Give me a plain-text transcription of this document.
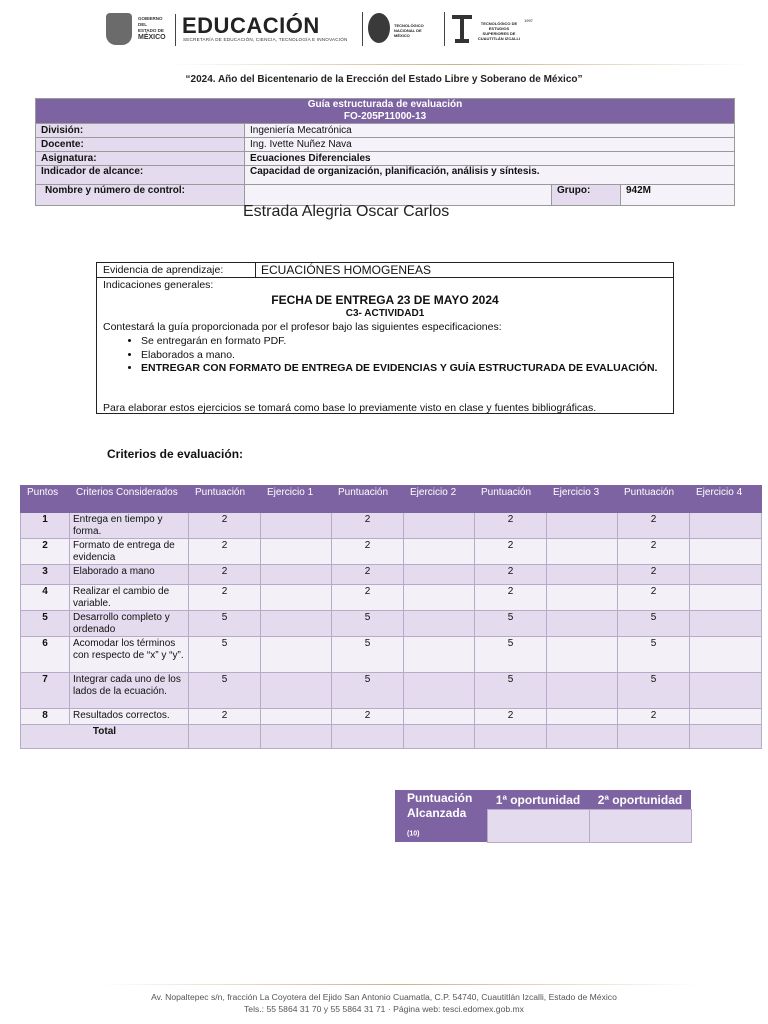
GOBIERNO DEL
ESTADO DE
MÉXICO EDUCACIÓN
SECRETARÍA DE EDUCACIÓN, CIENCIA, TECNOLOGÍA E INNOVACIÓN
TECNOLÓGICO NACIONAL DE MÉXICO
TECNOLÓGICO DE ESTUDIOS SUPERIORES DE CUAUTITLÁN IZCALLI
1997
“2024. Año del Bicentenario de la Erección del Estado Libre y Soberano de México”
Guía estructurada de evaluación
FO-205P11000-13			

División:	Ingeniería Mecatrónica		
Docente:	Ing. Ivette Nuñez Nava		
Asignatura:	Ecuaciones Diferenciales		
Indicador de alcance:	Capacidad de organización, planificación, análisis y síntesis.		
Nombre y número de control:		Grupo:	942M
Estrada Alegria Oscar Carlos
Evidencia de aprendizaje:	ECUACIÓNES HOMOGENEAS
Indicaciones generales:
FECHA DE ENTREGA 23 DE MAYO 2024
C3- ACTIVIDAD1
Contestará la guía proporcionada por el profesor bajo las siguientes especificaciones:
• Se entregarán en formato PDF.
• Elaborados a mano.
• ENTREGAR CON FORMATO DE ENTREGA DE EVIDENCIAS Y GUÍA ESTRUCTURADA DE EVALUACIÓN.
Para elaborar estos ejercicios se tomará como base lo previamente visto en clase y fuentes bibliográficas.
Criterios de evaluación:
Puntos	Criterios Considerados	Puntuación	Ejercicio 1	Puntuación	Ejercicio 2	Puntuación	Ejercicio 3	Puntuación	Ejercicio 4
1	Entrega en tiempo y forma.	2		2		2		2	
2	Formato de entrega de evidencia	2		2		2		2	
3	Elaborado a mano	2		2		2		2	
4	Realizar el cambio de variable.	2		2		2		2	
5	Desarrollo completo y ordenado	5		5		5		5	
6	Acomodar los términos con respecto de “x” y “y”.	5		5		5		5	
7	Integrar cada uno de los lados de la ecuación.	5		5		5		5	
8	Resultados correctos.	2		2		2		2	
Total									
Puntuación Alcanzada $_{(10)}$	1ª oportunidad	2ª oportunidad

Av. Nopaltepec s/n, fracción La Coyotera del Ejido San Antonio Cuamatla, C.P. 54740, Cuautitlán Izcalli, Estado de México
Tels.: 55 5864 31 70 y 55 5864 31 71 · Página web: tesci.edomex.gob.mx
